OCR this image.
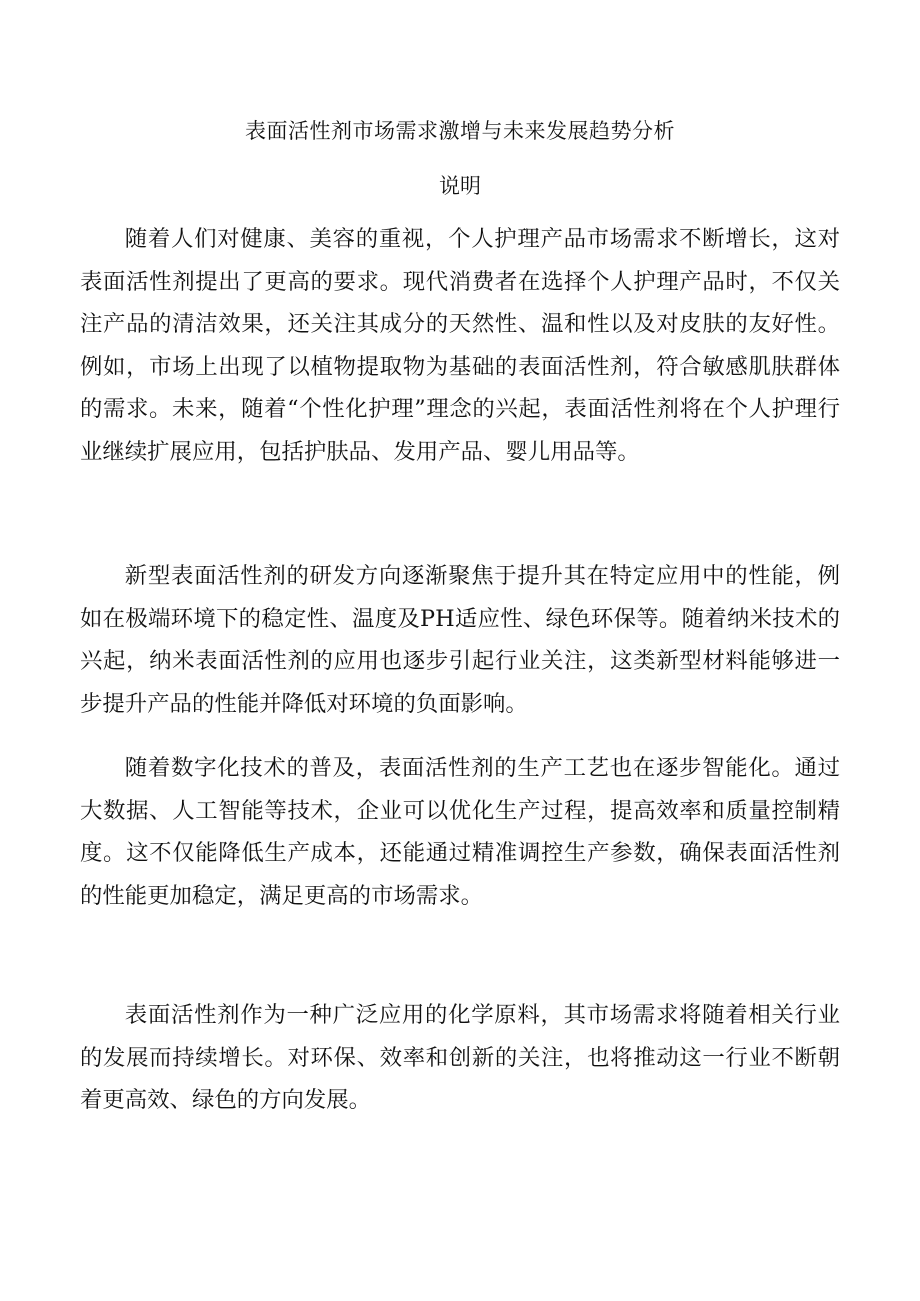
表面活性剂市场需求激增与未来发展趋势分析
说明

随着人们对健康、美容的重视，个人护理产品市场需求不断增长，这对表面活性剂提出了更高的要求。现代消费者在选择个人护理产品时，不仅关注产品的清洁效果，还关注其成分的天然性、温和性以及对皮肤的友好性。例如，市场上出现了以植物提取物为基础的表面活性剂，符合敏感肌肤群体的需求。未来，随着“个性化护理”理念的兴起，表面活性剂将在个人护理行业继续扩展应用，包括护肤品、发用产品、婴儿用品等。

新型表面活性剂的研发方向逐渐聚焦于提升其在特定应用中的性能，例如在极端环境下的稳定性、温度及PH适应性、绿色环保等。随着纳米技术的兴起，纳米表面活性剂的应用也逐步引起行业关注，这类新型材料能够进一步提升产品的性能并降低对环境的负面影响。

随着数字化技术的普及，表面活性剂的生产工艺也在逐步智能化。通过大数据、人工智能等技术，企业可以优化生产过程，提高效率和质量控制精度。这不仅能降低生产成本，还能通过精准调控生产参数，确保表面活性剂的性能更加稳定，满足更高的市场需求。

表面活性剂作为一种广泛应用的化学原料，其市场需求将随着相关行业的发展而持续增长。对环保、效率和创新的关注，也将推动这一行业不断朝着更高效、绿色的方向发展。
